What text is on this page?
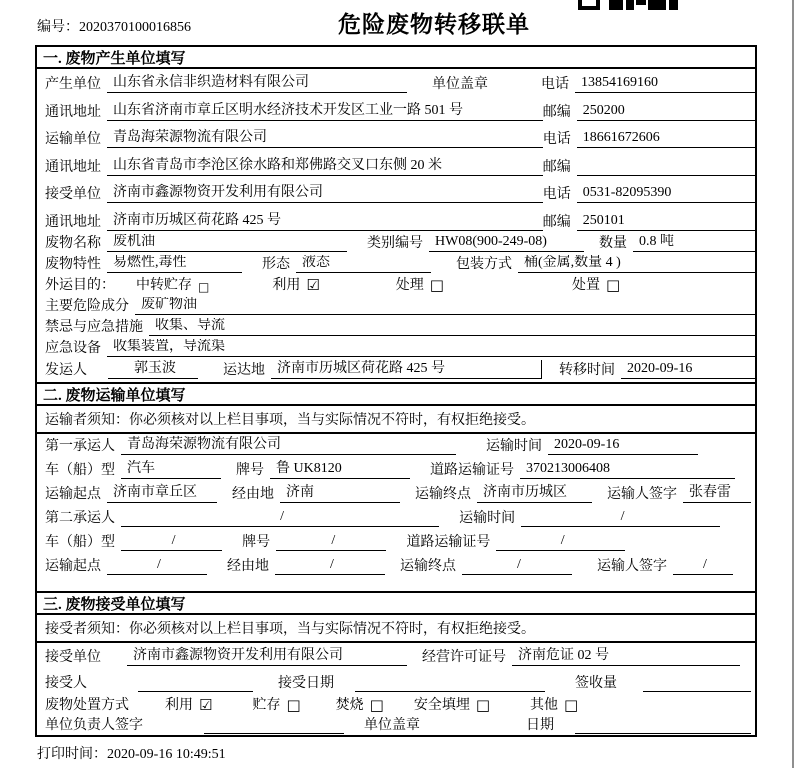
编号：2020370100016856	危险废物转移联单
一. 废物产生单位填写
产生单位 山东省永信非织造材料有限公司	单位盖章	电话 13854169160
通讯地址 山东省济南市章丘区明水经济技术开发区工业一路 501 号	邮编 250200
运输单位 青岛海荣源物流有限公司	电话 18661672606
通讯地址 山东省青岛市李沧区徐水路和郑佛路交叉口东侧 20 米	邮编
接受单位 济南市鑫源物资开发利用有限公司	电话 0531-82095390
通讯地址 济南市历城区荷花路 425 号	邮编 250101
废物名称 废机油	类别编号 HW08(900-249-08)	数量 0.8 吨
废物特性 易燃性,毒性	形态 液态	包装方式 桶(金属,数量 4 )
外运目的： 中转贮存 □	利用 ☑	处理 □	处置 □
主要危险成分 废矿物油
禁忌与应急措施 收集、导流
应急设备 收集装置，导流渠
发运人	郭玉波	运达地 济南市历城区荷花路 425 号	转移时间 2020-09-16
二. 废物运输单位填写
运输者须知：你必须核对以上栏目事项，当与实际情况不符时，有权拒绝接受。
第一承运人 青岛海荣源物流有限公司	运输时间 2020-09-16
车（船）型 汽车	牌号 鲁 UK8120	道路运输证号 370213006408
运输起点 济南市章丘区	经由地 济南	运输终点 济南市历城区	运输人签字 张春雷
第二承运人	/	运输时间	/
车（船）型	/	牌号	/	道路运输证号	/
运输起点	/	经由地	/	运输终点	/	运输人签字	/
三. 废物接受单位填写
接受者须知：你必须核对以上栏目事项，当与实际情况不符时，有权拒绝接受。
接受单位	济南市鑫源物资开发利用有限公司	经营许可证号 济南危证 02 号
接受人	接受日期	签收量
废物处置方式	利用 ☑	贮存 □	焚烧 □ 安全填埋 □	其他 □
单位负责人签字	单位盖章	日期
打印时间：2020-09-16 10:49:51
